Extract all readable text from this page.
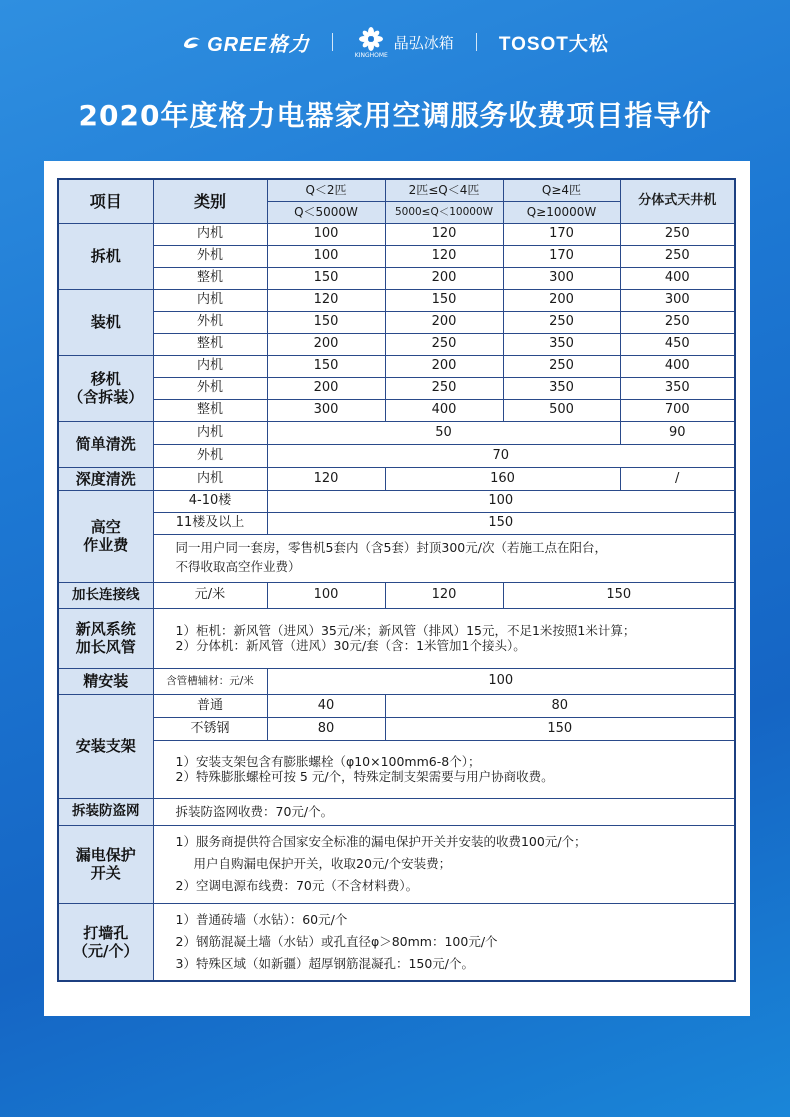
GREE格力	KINGHOME
晶弘冰箱 TOSOT大松
2020年度格力电器家用空调服务收费项目指导价
项目	类别	Q＜2匹	2匹≤Q＜4匹	Q≥4匹	分体式天井机
		Q＜5000W	5000≤Q＜10000W	Q≥10000W	
拆机	内机	100	120	170	250
	外机	100	120	170	250
	整机	150	200	300	400
装机	内机	120	150	200	300
	外机	150	200	250	250
	整机	200	250	350	450
移机
（含拆装）	内机	150	200	250	400
	外机	200	250	350	350
	整机	300	400	500	700
简单清洗	内机	50			90
	外机	70			
深度清洗	内机	120	160		/
高空
作业费	4-10楼	100			
	11楼及以上	150			

	同一用户同一套房，零售机5套内（含5套）封顶300元/次（若施工点在阳台，
不得收取高空作业费）				

加长连接线	元/米	100	120	150	
新风系统
加长风管	1）柜机：新风管（进风）35元/米；新风管（排风）15元，不足1米按照1米计算；
2）分体机：新风管（进风）30元/套（含：1米管加1个接头）。				

精安装	含管槽辅材：元/米	100			
安装支架	普通	40	80		
	不锈钢	80	150		

	1）安装支架包含有膨胀螺栓（φ10×100mm6-8个）；
2）特殊膨胀螺栓可按 5 元/个，特殊定制支架需要与用户协商收费。				

拆装防盗网	拆装防盗网收费：70元/个。				
漏电保护
开关	1）服务商提供符合国家安全标准的漏电保护开关并安装的收费100元/个；
用户自购漏电保护开关，收取20元/个安装费；
2）空调电源布线费：70元（不含材料费）。				

打墙孔
（元/个）	1）普通砖墙（水钻）：60元/个
2）钢筋混凝土墙（水钻）或孔直径φ＞80mm：100元/个
3）特殊区域（如新疆）超厚钢筋混凝孔：150元/个。				
